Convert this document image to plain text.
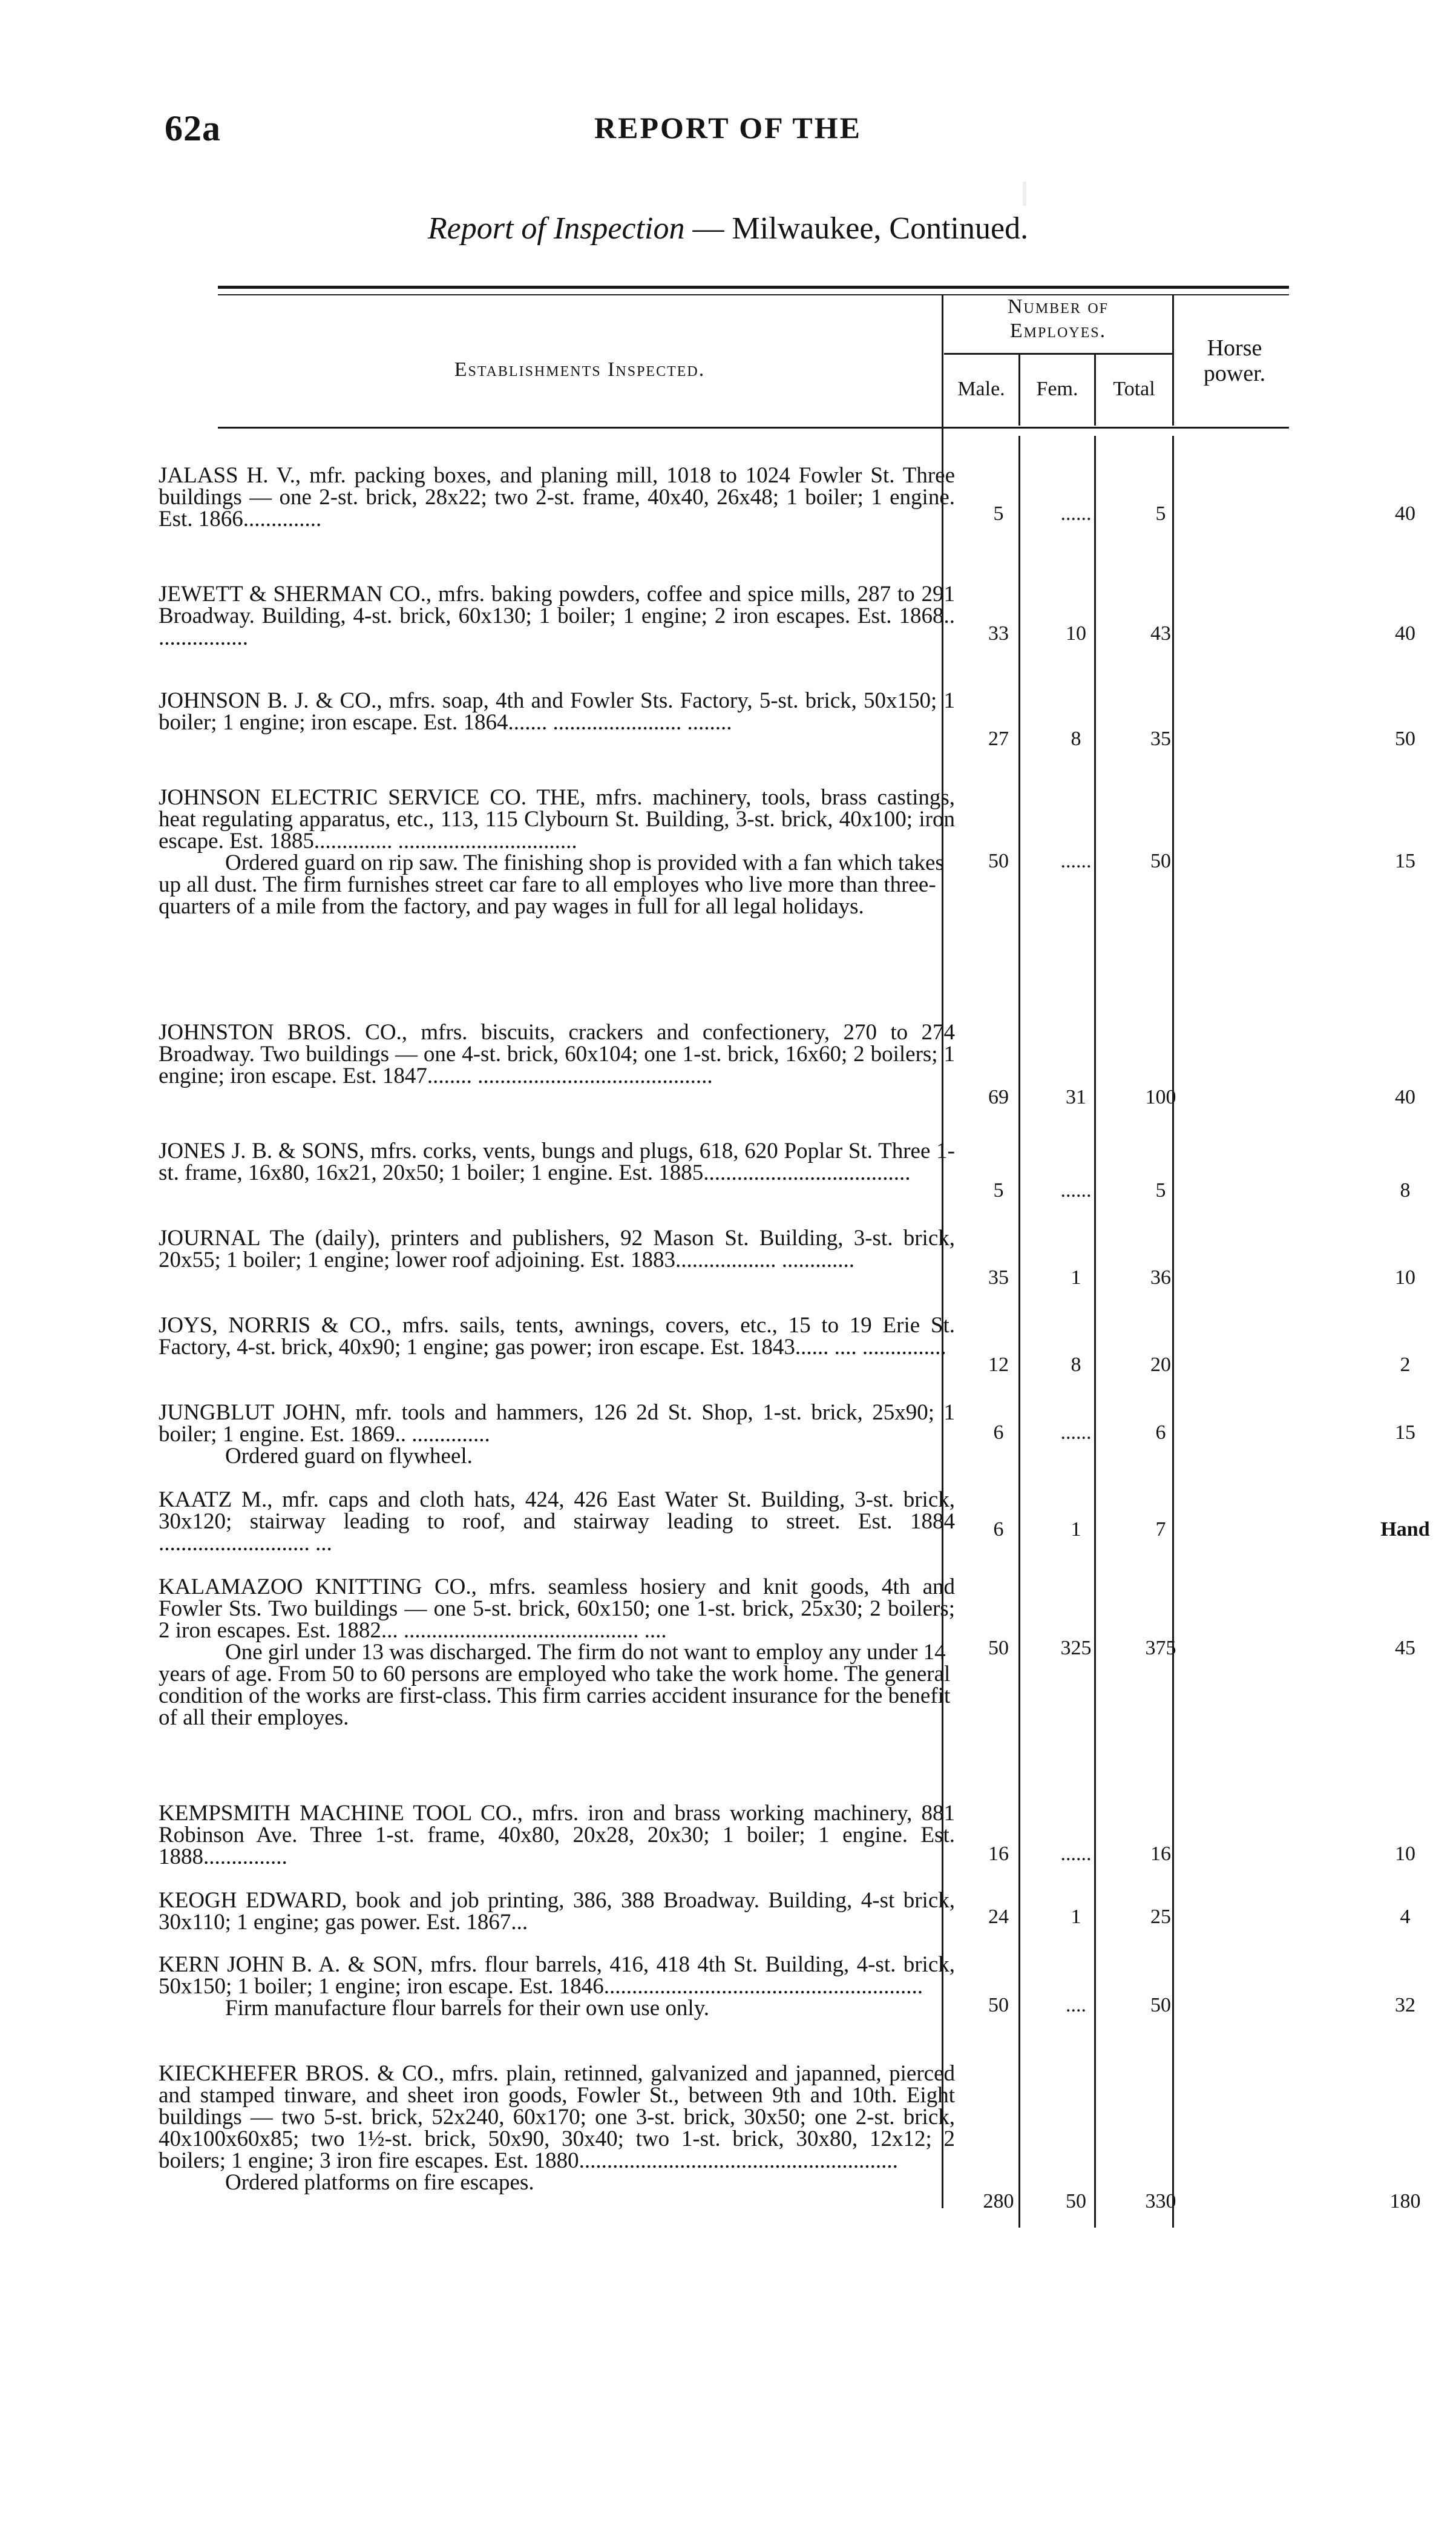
62a	REPORT OF THE
Report of Inspection — Milwaukee, Continued.
Establishments Inspected.
Number of
Employes.
Male.	Fem.	Total
Horse
power.
JALASS H. V., mfr. packing boxes, and planing mill, 1018 to 1024 Fowler St. Three buildings — one 2-st. brick, 28x22; two 2-st. frame, 40x40, 26x48; 1 boiler; 1 engine. Est. 1866..............	5	......	5	40
JEWETT & SHERMAN CO., mfrs. baking powders, coffee and spice mills, 287 to 291 Broadway. Building, 4-st. brick, 60x130; 1 boiler; 1 engine; 2 iron escapes. Est. 1868.. ................	33	10	43	40
JOHNSON B. J. & CO., mfrs. soap, 4th and Fowler Sts. Factory, 5-st. brick, 50x150; 1 boiler; 1 engine; iron escape. Est. 1864....... ....................... ........
27	8	35	50
JOHNSON ELECTRIC SERVICE CO. THE, mfrs. machinery, tools, brass castings, heat regulating apparatus, etc., 113, 115 Clybourn St. Building, 3-st. brick, 40x100; iron escape. Est. 1885.............. ................................
Ordered guard on rip saw. The finishing shop is provided with a fan which takes up all dust. The firm furnishes street car fare to all employes who live more than three-quarters of a mile from the factory, and pay wages in full for all legal holidays.
50	......	50	15
JOHNSTON BROS. CO., mfrs. biscuits, crackers and confectionery, 270 to 274 Broadway. Two buildings — one 4-st. brick, 60x104; one 1-st. brick, 16x60; 2 boilers; 1 engine; iron escape. Est. 1847........ ..........................................
69	31	100	40
JONES J. B. & SONS, mfrs. corks, vents, bungs and plugs, 618, 620 Poplar St. Three 1-st. frame, 16x80, 16x21, 20x50; 1 boiler; 1 engine. Est. 1885.....................................
5	......	5	8
JOURNAL The (daily), printers and publishers, 92 Mason St. Building, 3-st. brick, 20x55; 1 boiler; 1 engine; lower roof adjoining. Est. 1883.................. .............
35	1	36	10
JOYS, NORRIS & CO., mfrs. sails, tents, awnings, covers, etc., 15 to 19 Erie St. Factory, 4-st. brick, 40x90; 1 engine; gas power; iron escape. Est. 1843...... .... ...............
12	8	20	2
JUNGBLUT JOHN, mfr. tools and hammers, 126 2d St. Shop, 1-st. brick, 25x90; 1 boiler; 1 engine. Est. 1869.. ..............
Ordered guard on flywheel.
6	......	6	15
KAATZ M., mfr. caps and cloth hats, 424, 426 East Water St. Building, 3-st. brick, 30x120; stairway leading to roof, and stairway leading to street. Est. 1884 ........................... ...
6	1	7	Hand
KALAMAZOO KNITTING CO., mfrs. seamless hosiery and knit goods, 4th and Fowler Sts. Two buildings — one 5-st. brick, 60x150; one 1-st. brick, 25x30; 2 boilers; 2 iron escapes. Est. 1882... .......................................... ....
One girl under 13 was discharged. The firm do not want to employ any under 14 years of age. From 50 to 60 persons are employed who take the work home. The general condition of the works are first-class. This firm carries accident insurance for the benefit of all their employes.
50	325	375	45
KEMPSMITH MACHINE TOOL CO., mfrs. iron and brass working machinery, 881 Robinson Ave. Three 1-st. frame, 40x80, 20x28, 20x30; 1 boiler; 1 engine. Est. 1888...............	16	......	16	10
KEOGH EDWARD, book and job printing, 386, 388 Broadway. Building, 4-st brick, 30x110; 1 engine; gas power. Est. 1867...	24	1	25	4
KERN JOHN B. A. & SON, mfrs. flour barrels, 416, 418 4th St. Building, 4-st. brick, 50x150; 1 boiler; 1 engine; iron escape. Est. 1846.........................................................
Firm manufacture flour barrels for their own use only.	50	....	50	32
KIECKHEFER BROS. & CO., mfrs. plain, retinned, galvanized and japanned, pierced and stamped tinware, and sheet iron goods, Fowler St., between 9th and 10th. Eight buildings — two 5-st. brick, 52x240, 60x170; one 3-st. brick, 30x50; one 2-st. brick, 40x100x60x85; two 1½-st. brick, 50x90, 30x40; two 1-st. brick, 30x80, 12x12; 2 boilers; 1 engine; 3 iron fire escapes. Est. 1880.........................................................
Ordered platforms on fire escapes.
280	50	330	180
